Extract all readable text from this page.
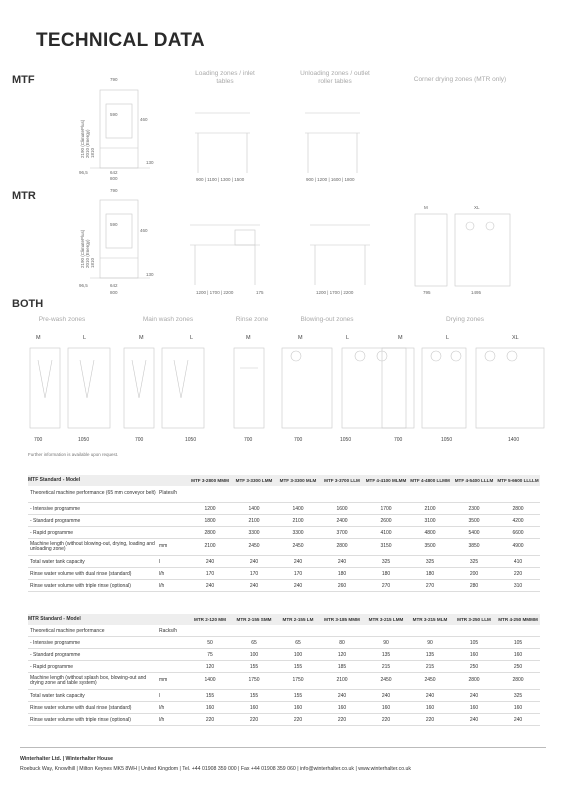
TECHNICAL DATA
MTF	790
590
460
130
96,5	642
800
2190 (ClimatePlus)
2010 (Energy)
1810
Loading zones / inlet tables
900 | 1100 | 1300 | 1500
Unloading zones / outlet roller tables
900 | 1200 | 1600 | 1800
Corner drying zones (MTR only)
MTR	790
590
460
130
96,5	642
800
2190 (ClimatePlus)
2010 (Energy)
1810
1200 | 1700 | 2200	175	1200 | 1700 | 2200
M	XL
795	1495
BOTH
Pre-wash zones	Main wash zones	Rinse zone	Blowing-out zones	Drying zones
M	L	M	L	M	M	L	M	L	XL
700	1050	700	1050	700	700	1050	700	1050	1400
Further information is available upon request.
MTF Standard - Model		MTF 3-2800 MMM	MTF 3-3300 LMM	MTF 3-3300 MLM	MTF 3-3700 LLM	MTF 4-4100 MLMM	MTF 4-4800 LLMM	MTF 4-5400 LLLM	MTF 5-6600 LLLLM
Theoretical machine performance (65 mm conveyor belt)	Plates/h								
- Intensive programme		1200	1400	1400	1600	1700	2100	2300	2800
- Standard programme		1800	2100	2100	2400	2600	3100	3500	4200
- Rapid programme		2800	3300	3300	3700	4100	4800	5400	6600
Machine length (without blowing-out, drying, loading and unloading zone)	mm	2100	2450	2450	2800	3150	3500	3850	4900
Total water tank capacity	l	240	240	240	240	325	325	325	410
Rinse water volume with dual rinse (standard)	l/h	170	170	170	180	180	180	200	220
Rinse water volume with triple rinse (optional)	l/h	240	240	240	260	270	270	280	310
MTR Standard - Model		MTR 2-120 MM	MTR 2-155 SMM	MTR 2-155 LM	MTR 3-185 MMM	MTR 3-215 LMM	MTR 3-215 MLM	MTR 3-250 LLM	MTR 4-250 MMMM
Theoretical machine performance	Racks/h								
- Intensive programme		50	65	65	80	90	90	105	105
- Standard programme		75	100	100	120	135	135	160	160
- Rapid programme		120	155	155	185	215	215	250	250
Machine length (without splash box, blowing-out and drying zone and table system)	mm	1400	1750	1750	2100	2450	2450	2800	2800
Total water tank capacity	l	155	155	155	240	240	240	240	325
Rinse water volume with dual rinse (standard)	l/h	160	160	160	160	160	160	160	160
Rinse water volume with triple rinse (optional)	l/h	220	220	220	220	220	220	240	240
Winterhalter Ltd. | Winterhalter House
Roebuck Way, Knowlhill | Milton Keynes MK5 8WH | United Kingdom | Tel. +44 01908 359 000 | Fax +44 01908 359 060 | info@winterhalter.co.uk | www.winterhalter.co.uk
